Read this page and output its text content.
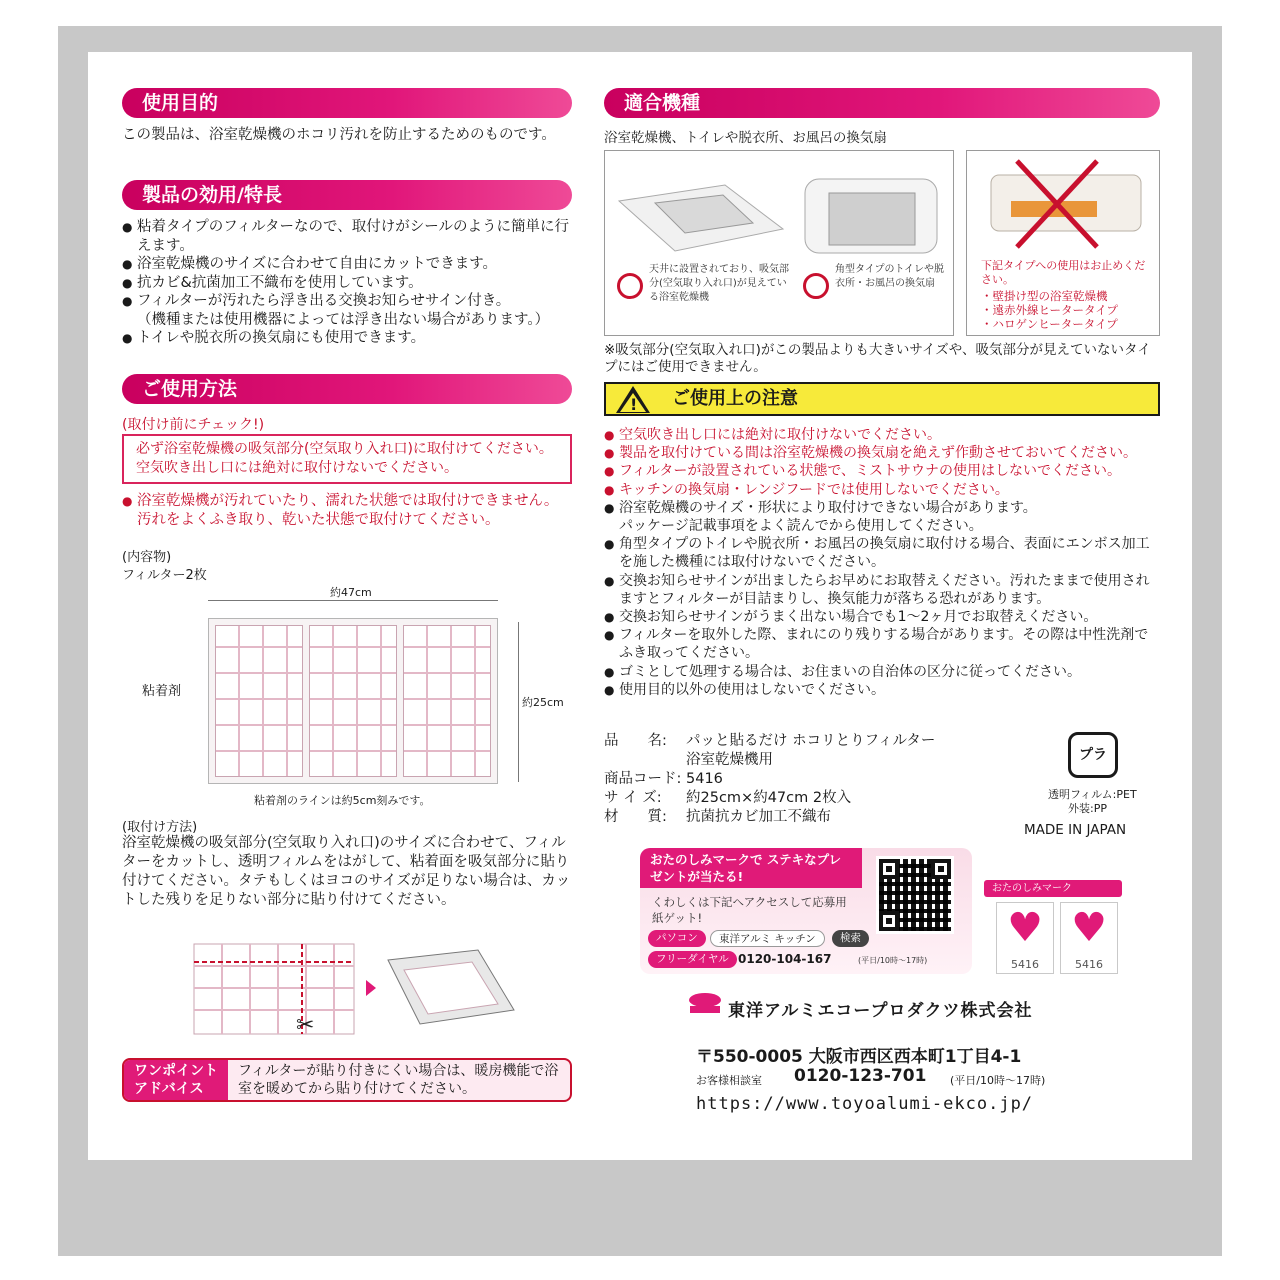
使用目的
この製品は、浴室乾燥機のホコリ汚れを防止するためのものです。
製品の効用/特長
● 粘着タイプのフィルターなので、取付けがシールのように簡単に行えます。
● 浴室乾燥機のサイズに合わせて自由にカットできます。
● 抗カビ&抗菌加工不織布を使用しています。
● フィルターが汚れたら浮き出る交換お知らせサイン付き。
（機種または使用機器によっては浮き出ない場合があります。）
● トイレや脱衣所の換気扇にも使用できます。
ご使用方法
(取付け前にチェック!)
必ず浴室乾燥機の吸気部分(空気取り入れ口)に取付けてください。空気吹き出し口には絶対に取付けないでください。
● 浴室乾燥機が汚れていたり、濡れた状態では取付けできません。汚れをよくふき取り、乾いた状態で取付けてください。
(内容物)
フィルター2枚
約47cm
約25cm
粘着剤
粘着剤のラインは約5cm刻みです。
(取付け方法)
浴室乾燥機の吸気部分(空気取り入れ口)のサイズに合わせて、フィルターをカットし、透明フィルムをはがして、粘着面を吸気部分に貼り付けてください。タテもしくはヨコのサイズが足りない場合は、カットした残りを足りない部分に貼り付けてください。
✂
ワンポイントアドバイス
フィルターが貼り付きにくい場合は、暖房機能で浴室を暖めてから貼り付けてください。
適合機種
浴室乾燥機、トイレや脱衣所、お風呂の換気扇
天井に設置されており、吸気部分(空気取り入れ口)が見えている浴室乾燥機
角型タイプのトイレや脱衣所・お風呂の換気扇
下記タイプへの使用はお止めください。
・壁掛け型の浴室乾燥機
・遠赤外線ヒータータイプ
・ハロゲンヒータータイプ
※吸気部分(空気取入れ口)がこの製品よりも大きいサイズや、吸気部分が見えていないタイプにはご使用できません。
! ご使用上の注意
● 空気吹き出し口には絶対に取付けないでください。
● 製品を取付けている間は浴室乾燥機の換気扇を絶えず作動させておいてください。
● フィルターが設置されている状態で、ミストサウナの使用はしないでください。
● キッチンの換気扇・レンジフードでは使用しないでください。
● 浴室乾燥機のサイズ・形状により取付けできない場合があります。
パッケージ記載事項をよく読んでから使用してください。
● 角型タイプのトイレや脱衣所・お風呂の換気扇に取付ける場合、表面にエンボス加工を施した機種には取付けないでください。
● 交換お知らせサインが出ましたらお早めにお取替えください。汚れたままで使用されますとフィルターが目詰まりし、換気能力が落ちる恐れがあります。
● 交換お知らせサインがうまく出ない場合でも1〜2ヶ月でお取替えください。
● フィルターを取外した際、まれにのり残りする場合があります。その際は中性洗剤でふき取ってください。
● ゴミとして処理する場合は、お住まいの自治体の区分に従ってください。
● 使用目的以外の使用はしないでください。
品　　名:	パッと貼るだけ ホコリとりフィルター
浴室乾燥機用
商品コード: 5416
サ イ ズ:	約25cm×約47cm 2枚入
材　　質:	抗菌抗カビ加工不織布
プラ
透明フィルム:PET
外装:PP
MADE IN JAPAN
おたのしみマークで ステキなプレゼントが当たる!
くわしくは下記へアクセスして応募用紙ゲット!
パソコン	東洋アルミ キッチン	検索
フリーダイヤル 0120-104-167	(平日/10時〜17時)
おたのしみマーク
♥
5416
♥
5416
東洋アルミエコープロダクツ株式会社
〒550-0005 大阪市西区西本町1丁目4-1
お客様相談室 0120-123-701 (平日/10時〜17時)
https://www.toyoalumi-ekco.jp/
